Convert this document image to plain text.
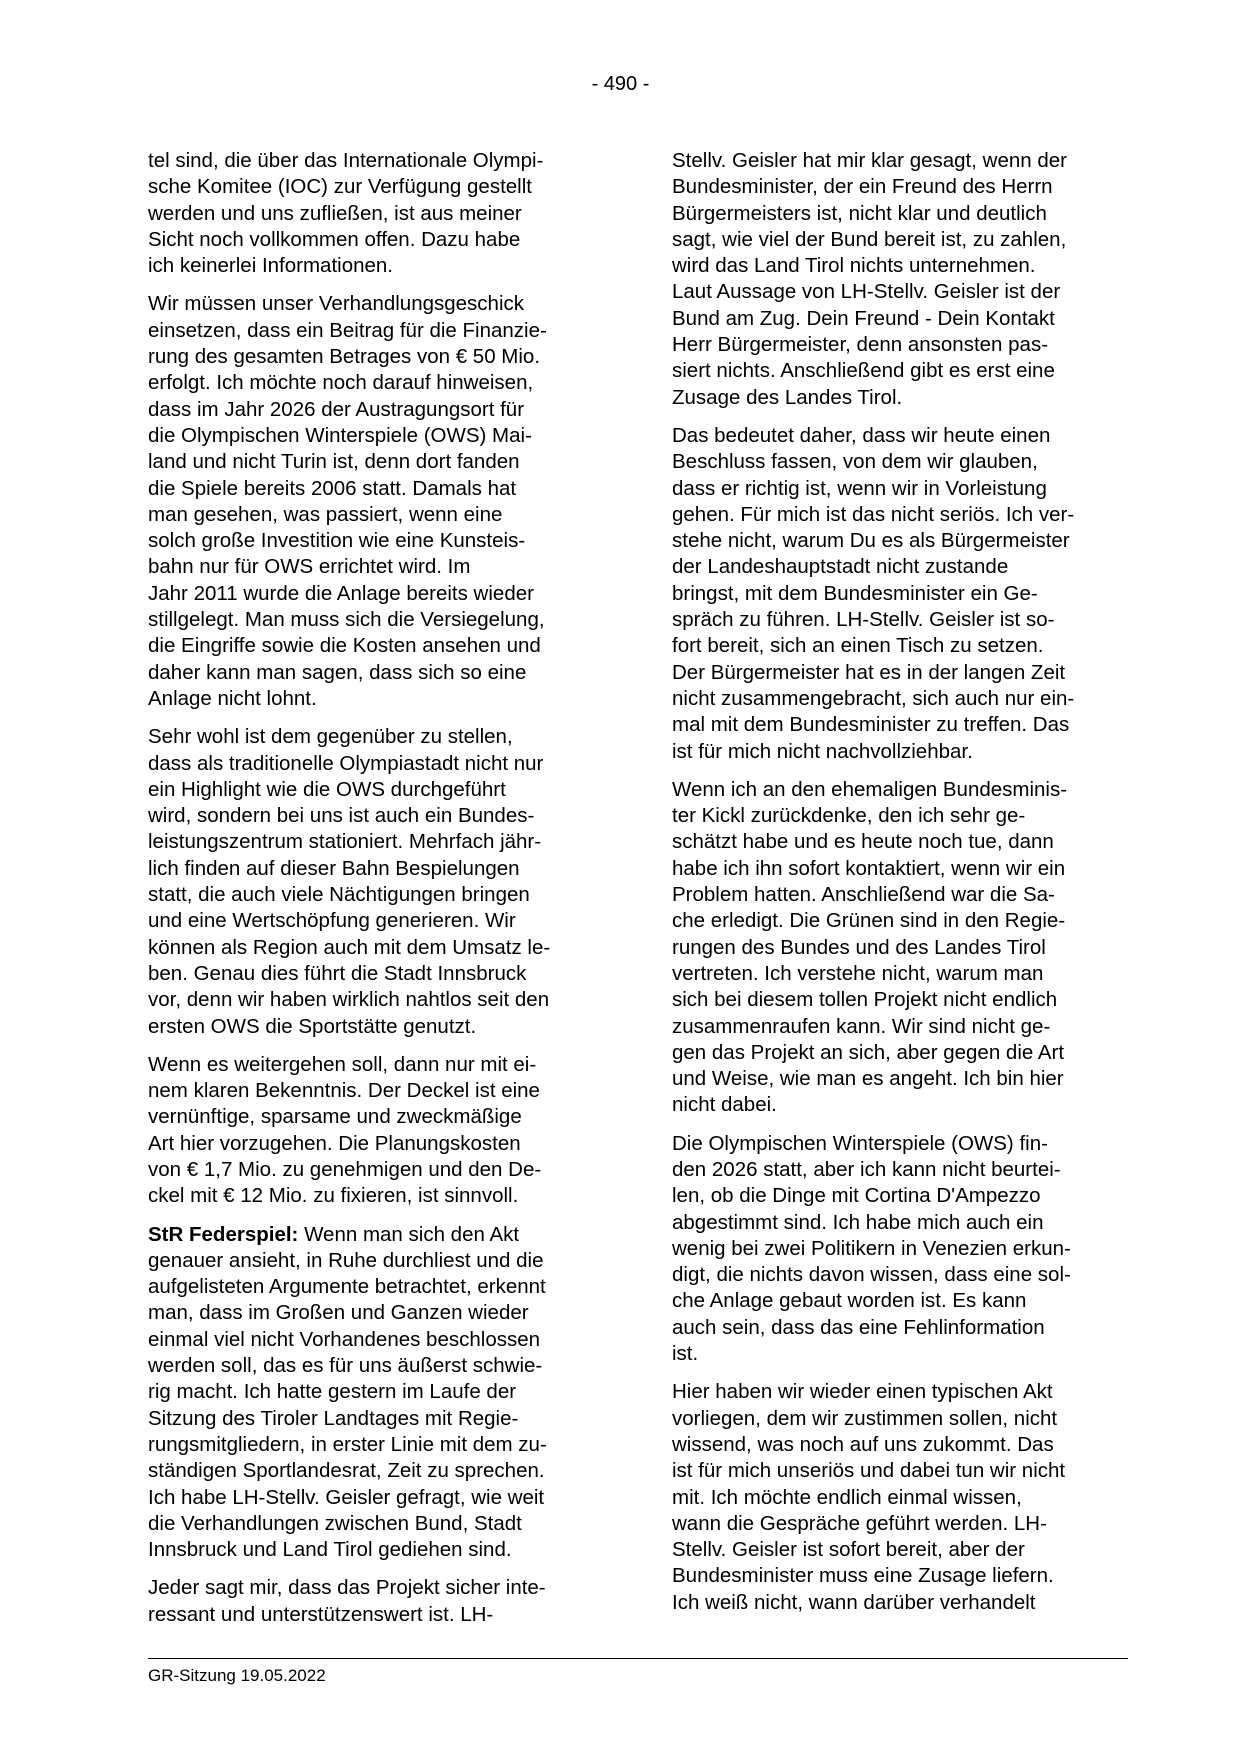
- 490 -

tel sind, die über das Internationale Olympi-
sche Komitee (IOC) zur Verfügung gestellt
werden und uns zufließen, ist aus meiner
Sicht noch vollkommen offen. Dazu habe
ich keinerlei Informationen.

Wir müssen unser Verhandlungsgeschick
einsetzen, dass ein Beitrag für die Finanzie-
rung des gesamten Betrages von € 50 Mio.
erfolgt. Ich möchte noch darauf hinweisen,
dass im Jahr 2026 der Austragungsort für
die Olympischen Winterspiele (OWS) Mai-
land und nicht Turin ist, denn dort fanden
die Spiele bereits 2006 statt. Damals hat
man gesehen, was passiert, wenn eine
solch große Investition wie eine Kunsteis-
bahn nur für OWS errichtet wird. Im
Jahr 2011 wurde die Anlage bereits wieder
stillgelegt. Man muss sich die Versiegelung,
die Eingriffe sowie die Kosten ansehen und
daher kann man sagen, dass sich so eine
Anlage nicht lohnt.

Sehr wohl ist dem gegenüber zu stellen,
dass als traditionelle Olympiastadt nicht nur
ein Highlight wie die OWS durchgeführt
wird, sondern bei uns ist auch ein Bundes-
leistungszentrum stationiert. Mehrfach jähr-
lich finden auf dieser Bahn Bespielungen
statt, die auch viele Nächtigungen bringen
und eine Wertschöpfung generieren. Wir
können als Region auch mit dem Umsatz le-
ben. Genau dies führt die Stadt Innsbruck
vor, denn wir haben wirklich nahtlos seit den
ersten OWS die Sportstätte genutzt.

Wenn es weitergehen soll, dann nur mit ei-
nem klaren Bekenntnis. Der Deckel ist eine
vernünftige, sparsame und zweckmäßige
Art hier vorzugehen. Die Planungskosten
von € 1,7 Mio. zu genehmigen und den De-
ckel mit € 12 Mio. zu fixieren, ist sinnvoll.

StR Federspiel: Wenn man sich den Akt
genauer ansieht, in Ruhe durchliest und die
aufgelisteten Argumente betrachtet, erkennt
man, dass im Großen und Ganzen wieder
einmal viel nicht Vorhandenes beschlossen
werden soll, das es für uns äußerst schwie-
rig macht. Ich hatte gestern im Laufe der
Sitzung des Tiroler Landtages mit Regie-
rungsmitgliedern, in erster Linie mit dem zu-
ständigen Sportlandesrat, Zeit zu sprechen.
Ich habe LH-Stellv. Geisler gefragt, wie weit
die Verhandlungen zwischen Bund, Stadt
Innsbruck und Land Tirol gediehen sind.

Jeder sagt mir, dass das Projekt sicher inte-
ressant und unterstützenswert ist. LH-

Stellv. Geisler hat mir klar gesagt, wenn der
Bundesminister, der ein Freund des Herrn
Bürgermeisters ist, nicht klar und deutlich
sagt, wie viel der Bund bereit ist, zu zahlen,
wird das Land Tirol nichts unternehmen.
Laut Aussage von LH-Stellv. Geisler ist der
Bund am Zug. Dein Freund - Dein Kontakt
Herr Bürgermeister, denn ansonsten pas-
siert nichts. Anschließend gibt es erst eine
Zusage des Landes Tirol.

Das bedeutet daher, dass wir heute einen
Beschluss fassen, von dem wir glauben,
dass er richtig ist, wenn wir in Vorleistung
gehen. Für mich ist das nicht seriös. Ich ver-
stehe nicht, warum Du es als Bürgermeister
der Landeshauptstadt nicht zustande
bringst, mit dem Bundesminister ein Ge-
spräch zu führen. LH-Stellv. Geisler ist so-
fort bereit, sich an einen Tisch zu setzen.
Der Bürgermeister hat es in der langen Zeit
nicht zusammengebracht, sich auch nur ein-
mal mit dem Bundesminister zu treffen. Das
ist für mich nicht nachvollziehbar.

Wenn ich an den ehemaligen Bundesminis-
ter Kickl zurückdenke, den ich sehr ge-
schätzt habe und es heute noch tue, dann
habe ich ihn sofort kontaktiert, wenn wir ein
Problem hatten. Anschließend war die Sa-
che erledigt. Die Grünen sind in den Regie-
rungen des Bundes und des Landes Tirol
vertreten. Ich verstehe nicht, warum man
sich bei diesem tollen Projekt nicht endlich
zusammenraufen kann. Wir sind nicht ge-
gen das Projekt an sich, aber gegen die Art
und Weise, wie man es angeht. Ich bin hier
nicht dabei.

Die Olympischen Winterspiele (OWS) fin-
den 2026 statt, aber ich kann nicht beurtei-
len, ob die Dinge mit Cortina D'Ampezzo
abgestimmt sind. Ich habe mich auch ein
wenig bei zwei Politikern in Venezien erkun-
digt, die nichts davon wissen, dass eine sol-
che Anlage gebaut worden ist. Es kann
auch sein, dass das eine Fehlinformation
ist.

Hier haben wir wieder einen typischen Akt
vorliegen, dem wir zustimmen sollen, nicht
wissend, was noch auf uns zukommt. Das
ist für mich unseriös und dabei tun wir nicht
mit. Ich möchte endlich einmal wissen,
wann die Gespräche geführt werden. LH-
Stellv. Geisler ist sofort bereit, aber der
Bundesminister muss eine Zusage liefern.
Ich weiß nicht, wann darüber verhandelt

GR-Sitzung 19.05.2022
